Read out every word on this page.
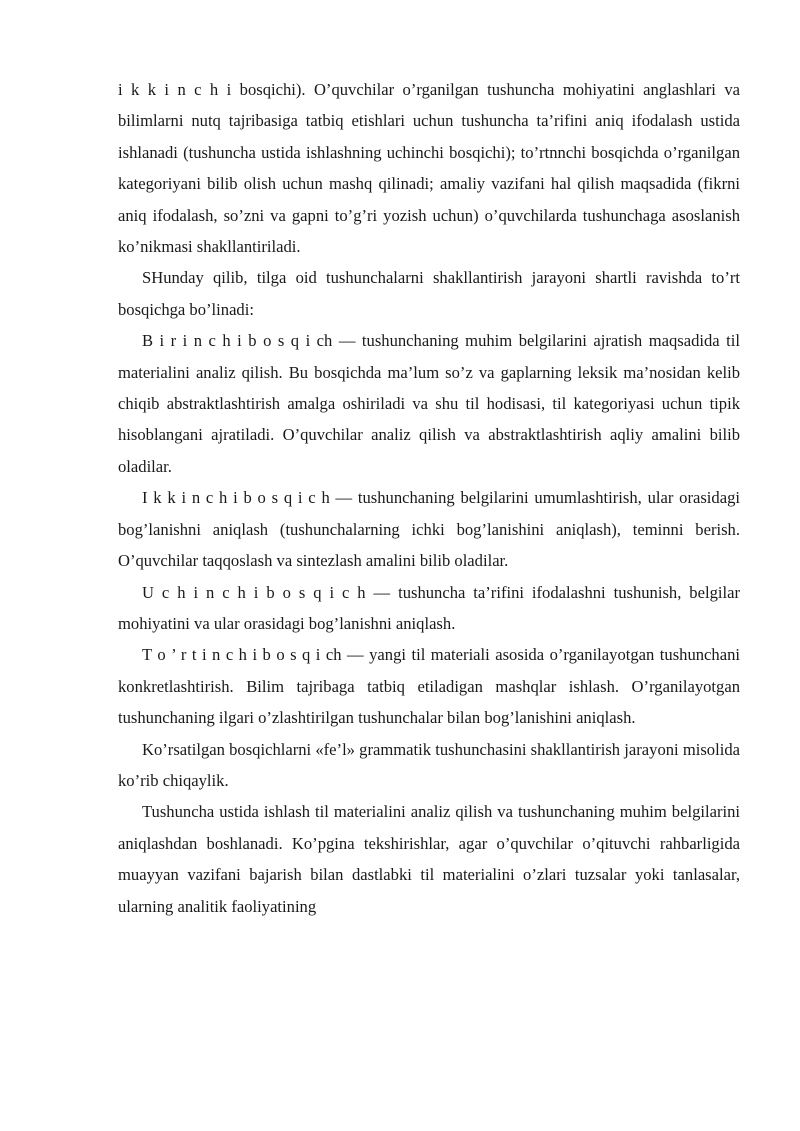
i k k i n c h i bosqichi). O’quvchilar o’rganilgan tushuncha mohiyatini anglashlari va bilimlarni nutq tajribasiga tatbiq etishlari uchun tushuncha ta’rifini aniq ifodalash ustida ishlanadi (tushuncha ustida ishlashning uchinchi bosqichi); to’rtnnchi bosqichda o’rganilgan kategoriyani bilib olish uchun mashq qilinadi; amaliy vazifani hal qilish maqsadida (fikrni aniq ifodalash, so’zni va gapni to’g’ri yozish uchun) o’quvchilarda tushunchaga asoslanish ko’nikmasi shakllantiriladi.

SHunday qilib, tilga oid tushunchalarni shakllantirish jarayoni shartli ravishda to’rt bosqichga bo’linadi:

B i r i n c h i b o s q i ch — tushunchaning muhim belgilarini ajratish maqsadida til materialini analiz qilish. Bu bosqichda ma’lum so’z va gaplarning leksik ma’nosidan kelib chiqib abstraktlashtirish amalga oshiriladi va shu til hodisasi, til kategoriyasi uchun tipik hisoblangani ajratiladi. O’quvchilar analiz qilish va abstraktlashtirish aqliy amalini bilib oladilar.

I k k i n c h i b o s q i c h — tushunchaning belgilarini umumlashtirish, ular orasidagi bog’lanishni aniqlash (tushunchalarning ichki bog’lanishini aniqlash), teminni berish. O’quvchilar taqqoslash va sintezlash amalini bilib oladilar.

U c h i n c h i b o s q i c h — tushuncha ta’rifini ifodalashni tushunish, belgilar mohiyatini va ular orasidagi bog’lanishni aniqlash.

T o ’ r t i n c h i b o s q i ch — yangi til materiali asosida o’rganilayotgan tushunchani konkretlashtirish. Bilim tajribaga tatbiq etiladigan mashqlar ishlash. O’rganilayotgan tushunchaning ilgari o’zlashtirilgan tushunchalar bilan bog’lanishini aniqlash.

Ko’rsatilgan bosqichlarni «fe’l» grammatik tushunchasini shakllantirish jarayoni misolida ko’rib chiqaylik.

Tushuncha ustida ishlash til materialini analiz qilish va tushunchaning muhim belgilarini aniqlashdan boshlanadi. Ko’pgina tekshirishlar, agar o’quvchilar o’qituvchi rahbarligida muayyan vazifani bajarish bilan dastlabki til materialini o’zlari tuzsalar yoki tanlasalar, ularning analitik faoliyatining
